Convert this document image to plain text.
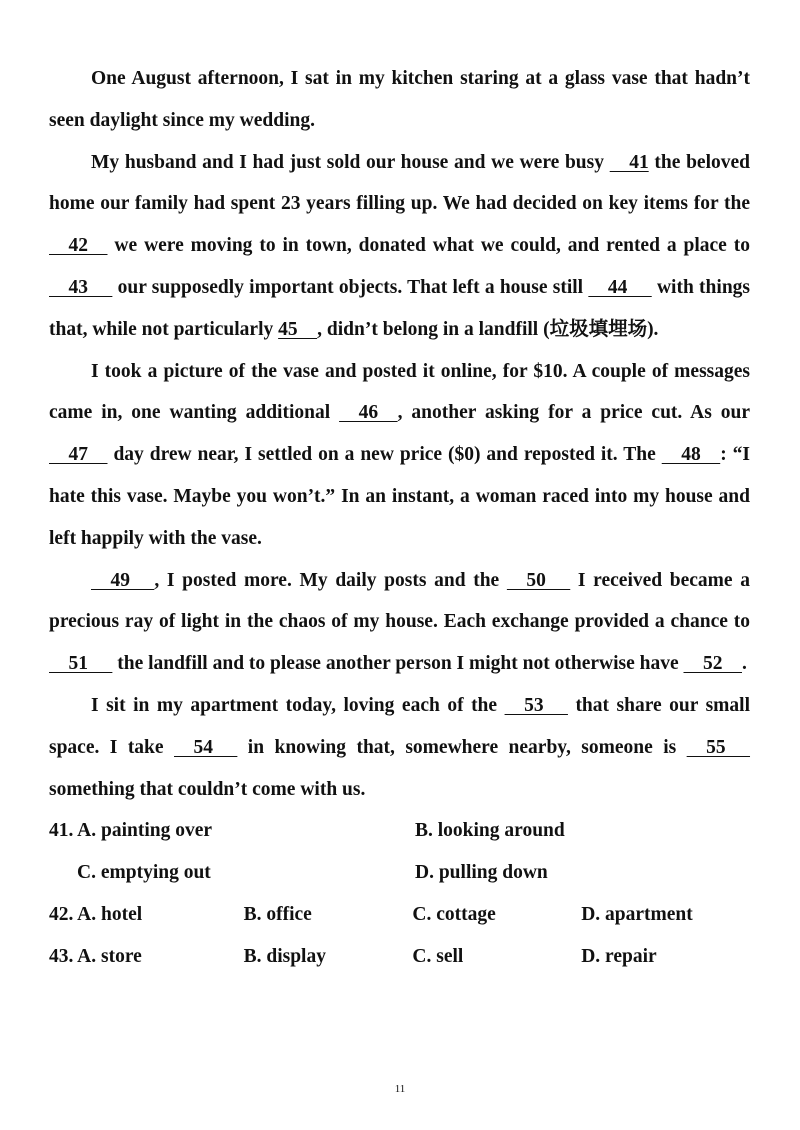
One August afternoon, I sat in my kitchen staring at a glass vase that hadn’t seen daylight since my wedding.

My husband and I had just sold our house and we were busy     41 the beloved home our family had spent 23 years filling up. We had decided on key items for the     42     we were moving to in town, donated what we could, and rented a place to     43      our supposedly important objects. That left a house still     44      with things that, while not particularly 45    , didn’t belong in a landfill (垃圾填埋场).

I took a picture of the vase and posted it online, for $10. A couple of messages came in, one wanting additional     46    , another asking for a price cut. As our     47     day drew near, I settled on a new price ($0) and reposted it. The     48    : “I hate this vase. Maybe you won’t.” In an instant, a woman raced into my house and left happily with the vase.

49     , I posted more. My daily posts and the     50      I received became a precious ray of light in the chaos of my house. Each exchange provided a chance to     51      the landfill and to please another person I might not otherwise have     52    .

I sit in my apartment today, loving each of the     53      that share our small space. I take     54      in knowing that, somewhere nearby, someone is     55      something that couldn’t come with us.

41. A. painting over	B. looking around
C. emptying out	D. pulling down
42. A. hotel	B. office	C. cottage	D. apartment
43. A. store	B. display	C. sell	D. repair
11
